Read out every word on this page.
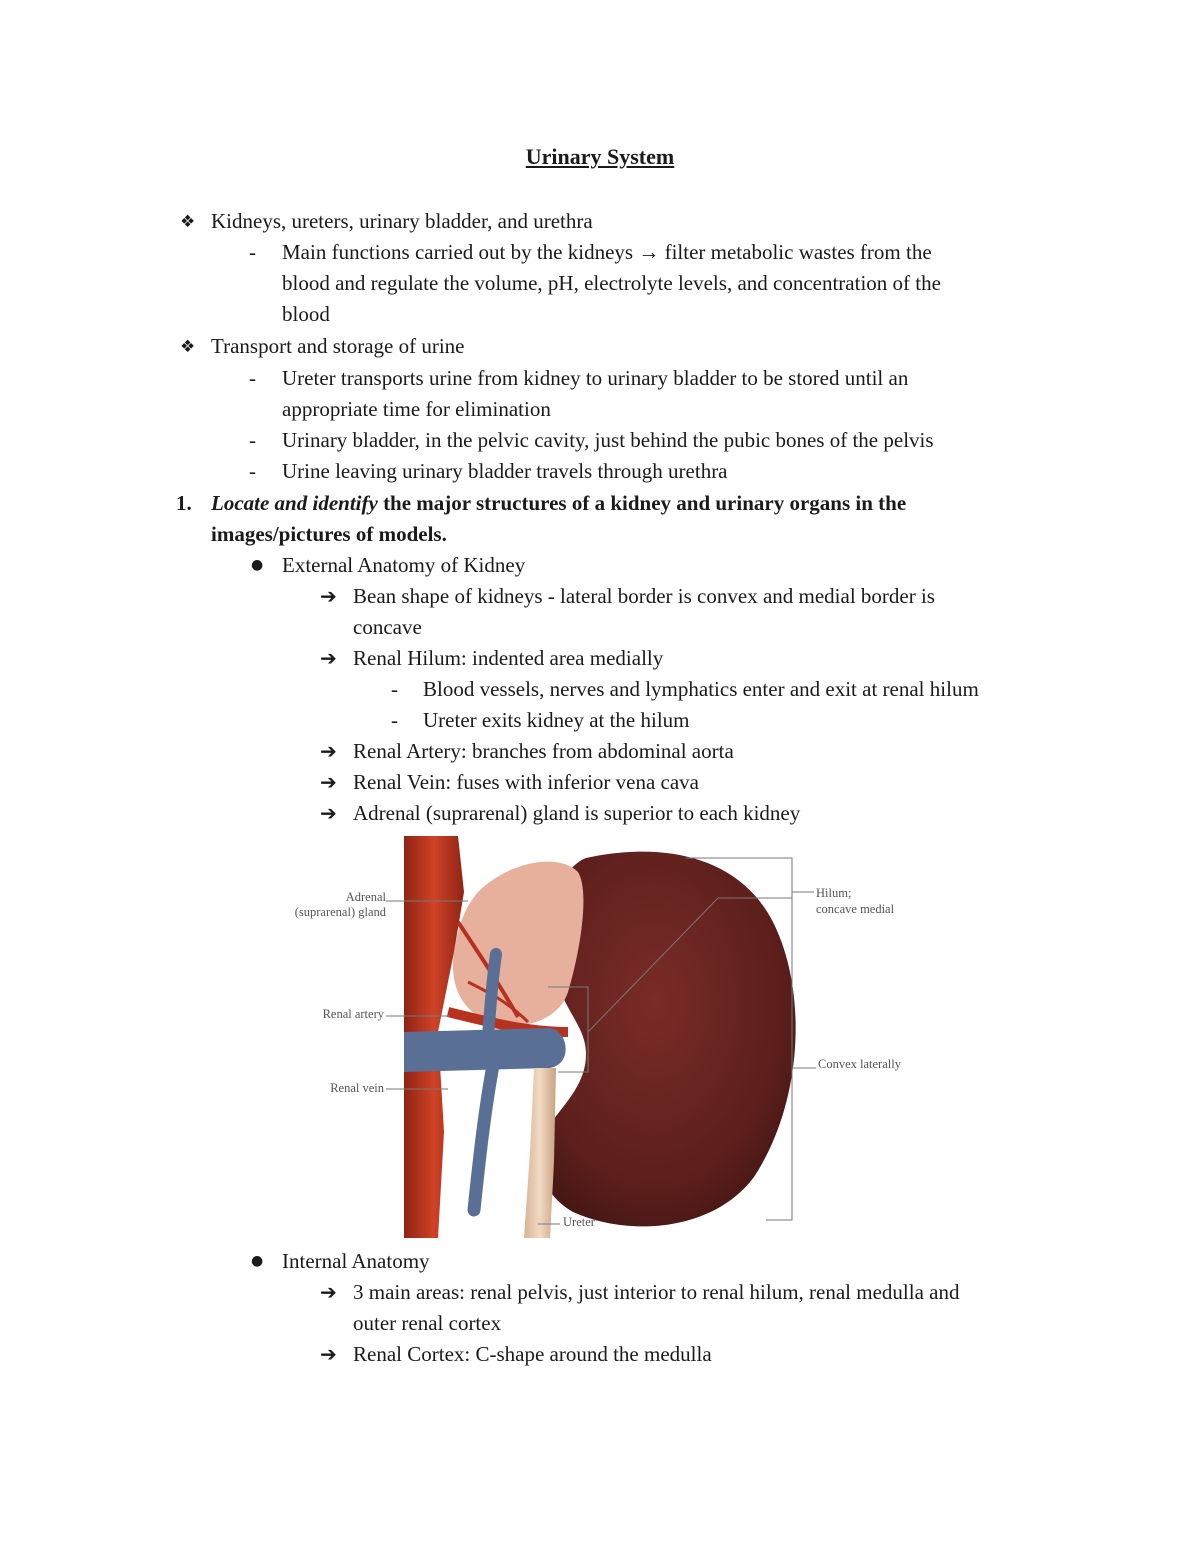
Urinary System
❖ Kidneys, ureters, urinary bladder, and urethra
- Main functions carried out by the kidneys → filter metabolic wastes from the
blood and regulate the volume, pH, electrolyte levels, and concentration of the
blood
❖ Transport and storage of urine
- Ureter transports urine from kidney to urinary bladder to be stored until an
appropriate time for elimination
- Urinary bladder, in the pelvic cavity, just behind the pubic bones of the pelvis
- Urine leaving urinary bladder travels through urethra
1. Locate and identify the major structures of a kidney and urinary organs in the
images/pictures of models.
● External Anatomy of Kidney
➔ Bean shape of kidneys - lateral border is convex and medial border is
concave
➔ Renal Hilum: indented area medially
- Blood vessels, nerves and lymphatics enter and exit at renal hilum
- Ureter exits kidney at the hilum
➔ Renal Artery: branches from abdominal aorta
➔ Renal Vein: fuses with inferior vena cava
➔ Adrenal (suprarenal) gland is superior to each kidney
Adrenal
(suprarenal) gland
Renal artery
Renal vein
Hilum;
concave medial
Convex laterally
Ureter
● Internal Anatomy
➔ 3 main areas: renal pelvis, just interior to renal hilum, renal medulla and
outer renal cortex
➔ Renal Cortex: C-shape around the medulla
